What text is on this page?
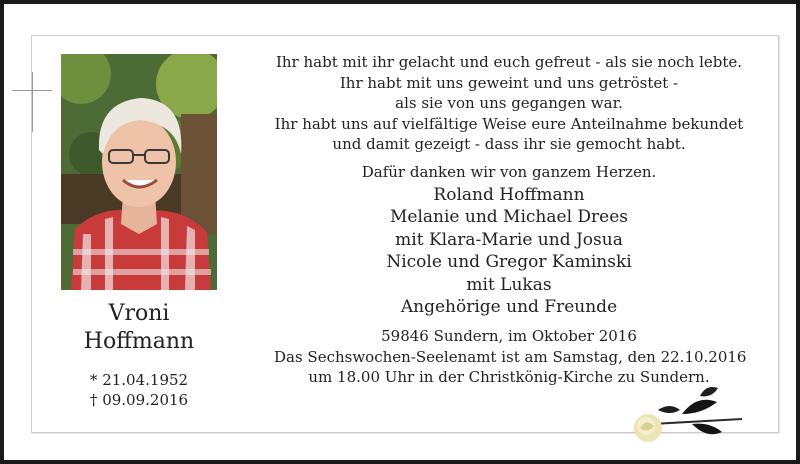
Vroni
Hoffmann
* 21.04.1952
† 09.09.2016
Ihr habt mit ihr gelacht und euch gefreut - als sie noch lebte.
Ihr habt mit uns geweint und uns getröstet -
als sie von uns gegangen war.
Ihr habt uns auf vielfältige Weise eure Anteilnahme bekundet
und damit gezeigt - dass ihr sie gemocht habt.
Dafür danken wir von ganzem Herzen.
Roland Hoffmann
Melanie und Michael Drees
mit Klara-Marie und Josua
Nicole und Gregor Kaminski
mit Lukas
Angehörige und Freunde
59846 Sundern, im Oktober 2016
Das Sechswochen-Seelenamt ist am Samstag, den 22.10.2016
um 18.00 Uhr in der Christkönig-Kirche zu Sundern.
